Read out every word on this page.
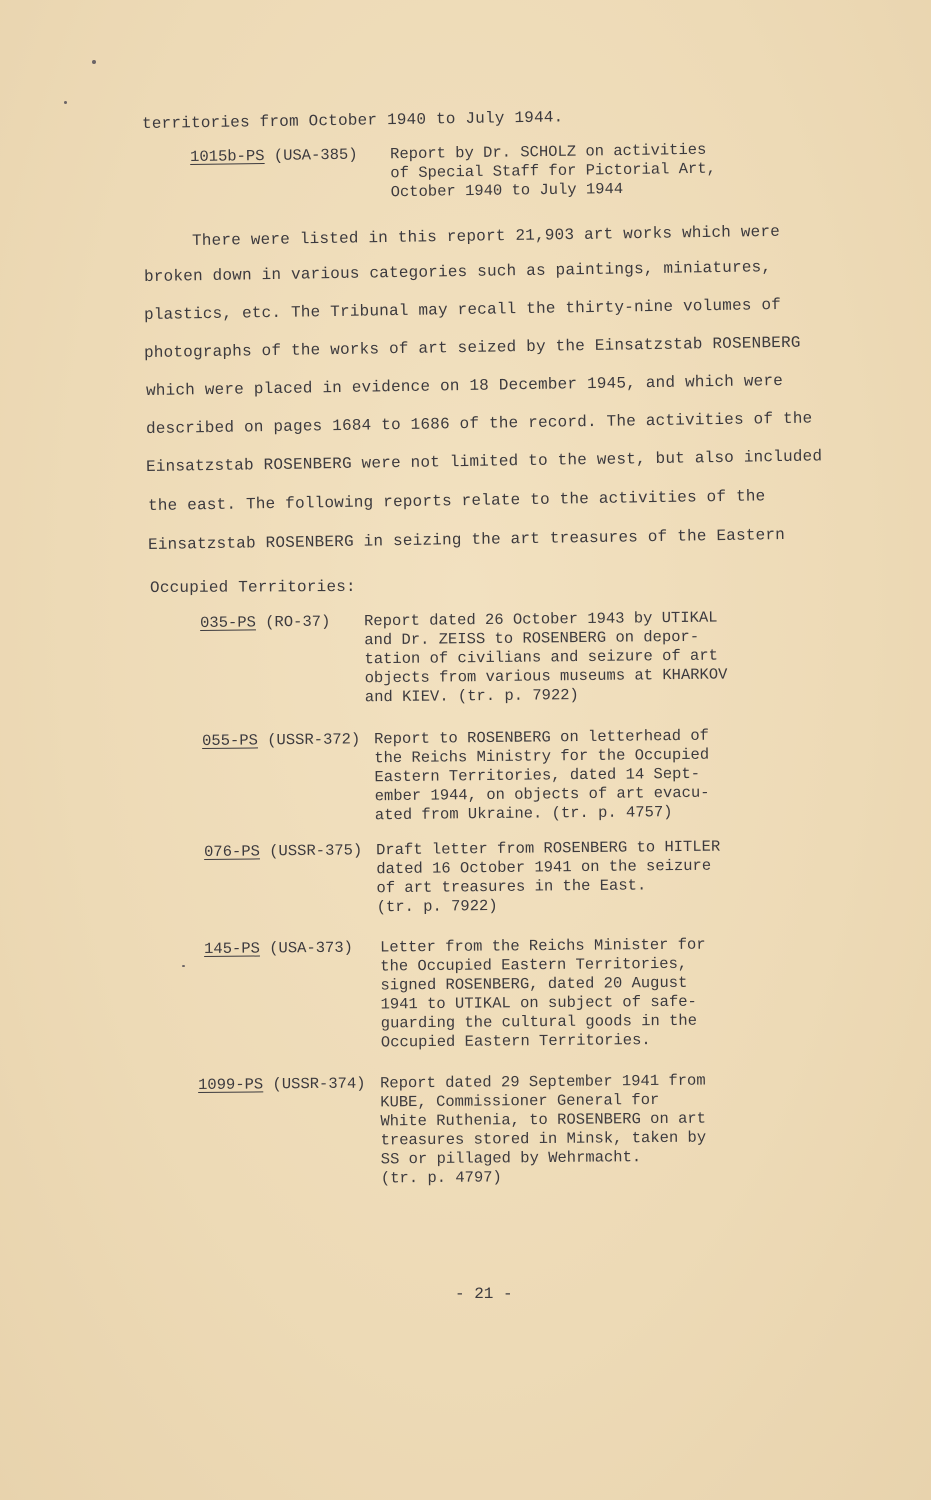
territories from October 1940 to July 1944.
1015b-PS (USA-385) Report by Dr. SCHOLZ on activities
of Special Staff for Pictorial Art,
October 1940 to July 1944
There were listed in this report 21,903 art works which were
broken down in various categories such as paintings, miniatures,
plastics, etc. The Tribunal may recall the thirty-nine volumes of
photographs of the works of art seized by the Einsatzstab ROSENBERG
which were placed in evidence on 18 December 1945, and which were
described on pages 1684 to 1686 of the record. The activities of the
Einsatzstab ROSENBERG were not limited to the west, but also included
the east. The following reports relate to the activities of the
Einsatzstab ROSENBERG in seizing the art treasures of the Eastern
Occupied Territories:
035-PS (RO-37) Report dated 26 October 1943 by UTIKAL
and Dr. ZEISS to ROSENBERG on depor-
tation of civilians and seizure of art
objects from various museums at KHARKOV
and KIEV. (tr. p. 7922)
055-PS (USSR-372) Report to ROSENBERG on letterhead of
the Reichs Ministry for the Occupied
Eastern Territories, dated 14 Sept-
ember 1944, on objects of art evacu-
ated from Ukraine. (tr. p. 4757)
076-PS (USSR-375) Draft letter from ROSENBERG to HITLER
dated 16 October 1941 on the seizure
of art treasures in the East.
(tr. p. 7922)
145-PS (USA-373) Letter from the Reichs Minister for
the Occupied Eastern Territories,
signed ROSENBERG, dated 20 August
1941 to UTIKAL on subject of safe-
guarding the cultural goods in the
Occupied Eastern Territories.
1099-PS (USSR-374) Report dated 29 September 1941 from
KUBE, Commissioner General for
White Ruthenia, to ROSENBERG on art
treasures stored in Minsk, taken by
SS or pillaged by Wehrmacht.
(tr. p. 4797)
- 21 -
